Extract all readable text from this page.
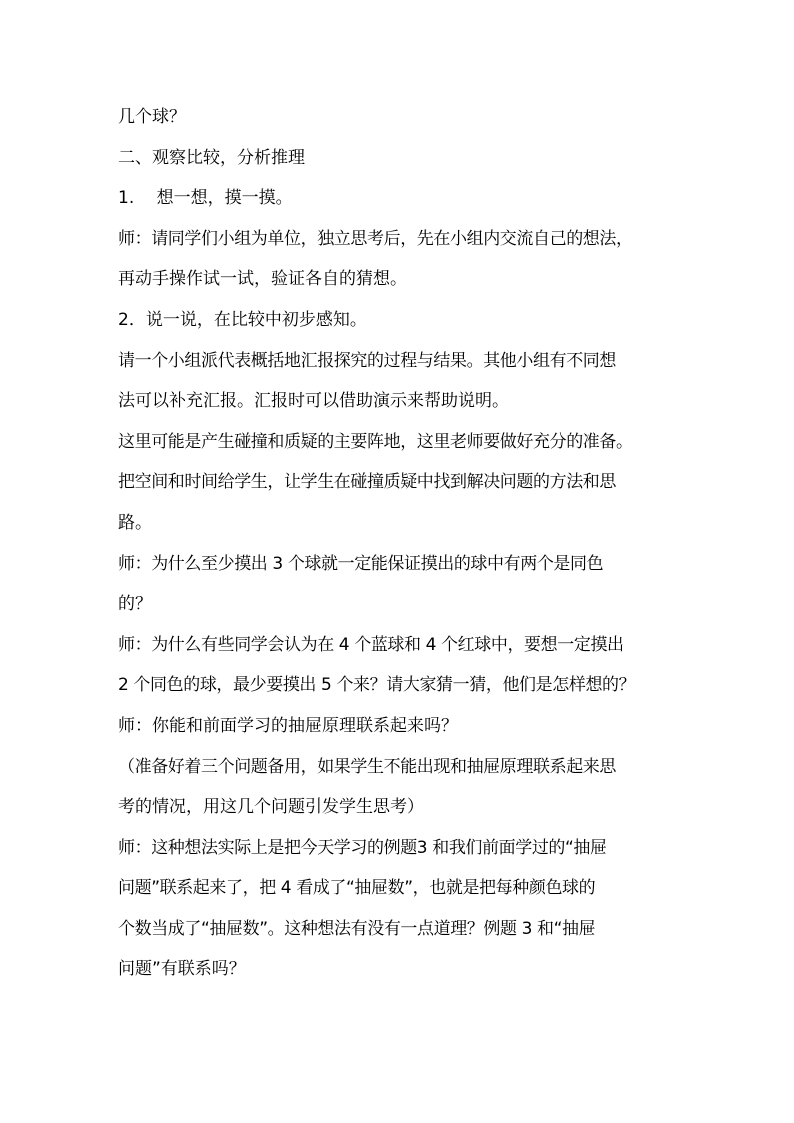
几个球？
二、观察比较，分析推理
1.　 想一想，摸一摸。
师：请同学们小组为单位，独立思考后，先在小组内交流自己的想法，
再动手操作试一试，验证各自的猜想。
2．说一说，在比较中初步感知。
请一个小组派代表概括地汇报探究的过程与结果。其他小组有不同想
法可以补充汇报。汇报时可以借助演示来帮助说明。
这里可能是产生碰撞和质疑的主要阵地，这里老师要做好充分的准备。
把空间和时间给学生，让学生在碰撞质疑中找到解决问题的方法和思
路。
师：为什么至少摸出 3 个球就一定能保证摸出的球中有两个是同色
的？
师：为什么有些同学会认为在 4 个蓝球和 4 个红球中，要想一定摸出
2 个同色的球，最少要摸出 5 个来？请大家猜一猜，他们是怎样想的？
师：你能和前面学习的抽屉原理联系起来吗？
（准备好着三个问题备用，如果学生不能出现和抽屉原理联系起来思
考的情况，用这几个问题引发学生思考）
师：这种想法实际上是把今天学习的例题3 和我们前面学过的“抽屉
问题”联系起来了，把 4 看成了“抽屉数”，也就是把每种颜色球的
个数当成了“抽屉数”。这种想法有没有一点道理？例题 3 和“抽屉
问题”有联系吗？
